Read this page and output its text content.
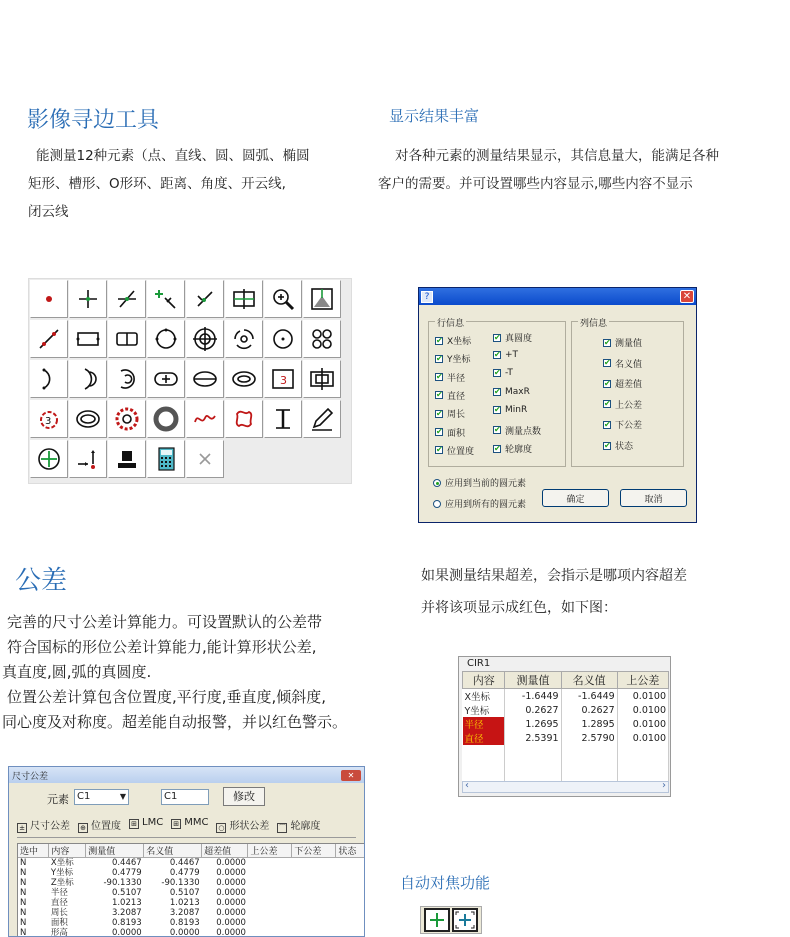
影像寻边工具
能测量12种元素（点、直线、圆、圆弧、椭圆
矩形、槽形、O形环、距离、角度、开云线,
闭云线
显示结果丰富
对各种元素的测量结果显示，其信息量大，能满足各种
客户的需要。并可设置哪些内容显示,哪些内容不显示
3
3
?	✕
行信息
✔ X坐标
✔ Y坐标
✔ 半径
✔ 直径
✔ 周长
✔ 面积
✔ 位置度
✔ 真圆度
✔ +T
✔ -T
✔ MaxR
✔ MinR
✔ 测量点数
✔ 轮廓度
列信息
✔ 测量值
✔ 名义值
✔ 超差值
✔ 上公差
✔ 下公差
✔ 状态
应用到当前的圆元素
应用到所有的圆元素
确定	取消
公差
完善的尺寸公差计算能力。可设置默认的公差带
符合国标的形位公差计算能力,能计算形状公差,
真直度,圆,弧的真圆度.
位置公差计算包含位置度,平行度,垂直度,倾斜度,
同心度及对称度。超差能自动报警，并以红色警示。
如果测量结果超差，会指示是哪项内容超差
并将该项显示成红色，如下图：
CIR1
内容	测量值	名义值	上公差
X坐标	-1.6449	-1.6449	0.0100
Y坐标	0.2627	0.2627	0.0100
半径	1.2695	1.2895	0.0100
直径	2.5391	2.5790	0.0100

‹	›
尺寸公差	✕
元素 C1	▼	C1	修改
± 尺寸公差 ⊕ 位置度 ⊞ LMC ⊞ MMC ○ 形状公差 ⌒ 轮廓度
选中	内容	测量值	名义值	超差值	上公差	下公差	状态
N	X坐标	0.4467	0.4467	0.0000			
N	Y坐标	0.4779	0.4779	0.0000			
N	Z坐标	-90.1330	-90.1330	0.0000			
N	半径	0.5107	0.5107	0.0000			
N	直径	1.0213	1.0213	0.0000			
N	周长	3.2087	3.2087	0.0000			
N	面积	0.8193	0.8193	0.0000			
N	形高	0.0000	0.0000	0.0000			
自动对焦功能
